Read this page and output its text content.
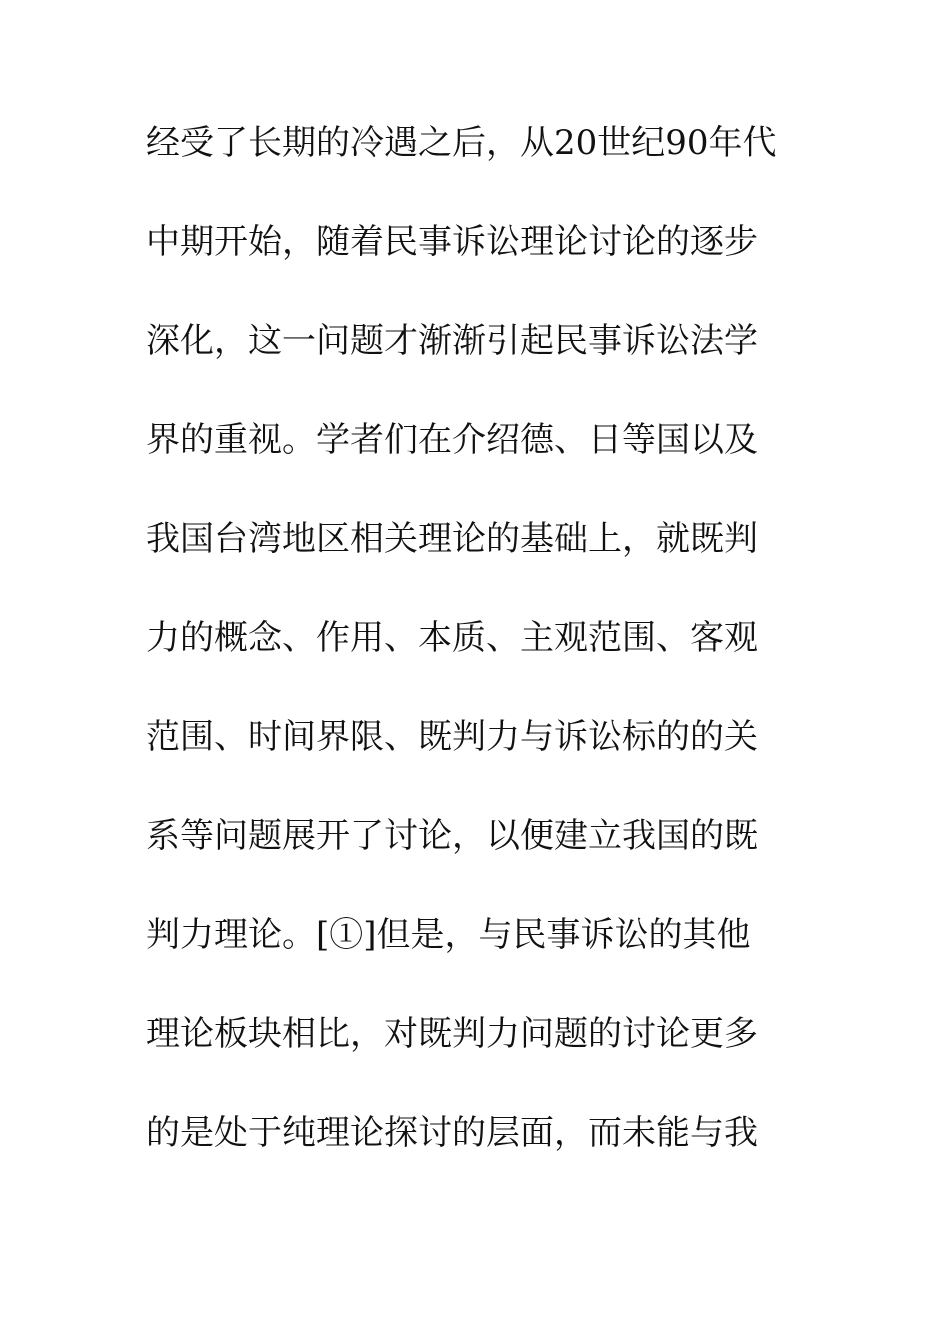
经受了长期的冷遇之后，从20世纪90年代

中期开始，随着民事诉讼理论讨论的逐步

深化，这一问题才渐渐引起民事诉讼法学

界的重视。学者们在介绍德、日等国以及

我国台湾地区相关理论的基础上，就既判

力的概念、作用、本质、主观范围、客观

范围、时间界限、既判力与诉讼标的的关

系等问题展开了讨论，以便建立我国的既

判力理论。[①]但是，与民事诉讼的其他

理论板块相比，对既判力问题的讨论更多

的是处于纯理论探讨的层面，而未能与我
